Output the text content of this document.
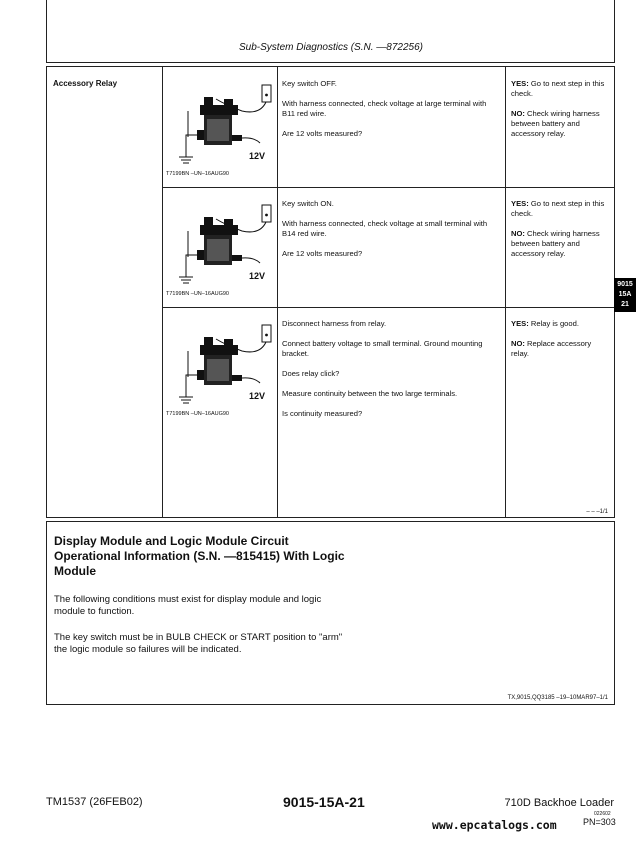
Sub-System Diagnostics (S.N. —872256)
Accessory Relay
12V
T7199BN –UN–16AUG90

Key switch OFF.

With harness connected, check voltage at large terminal with B11 red wire.

Are 12 volts measured?

YES: Go to next step in this check.

NO: Check wiring harness between battery and accessory relay.

12V
T7199BN –UN–16AUG90

Key switch ON.

With harness connected, check voltage at small terminal with B14 red wire.

Are 12 volts measured?

YES: Go to next step in this check.

NO: Check wiring harness between battery and accessory relay.

12V
T7199BN –UN–16AUG90

Disconnect harness from relay.

Connect battery voltage to small terminal. Ground mounting bracket.

Does relay click?

Measure continuity between the two large terminals.

Is continuity measured?

YES: Relay is good.

NO: Replace accessory relay.

– – –1/1
9015
15A
21
Display Module and Logic Module Circuit Operational Information (S.N. —815415) With Logic Module
The following conditions must exist for display module and logic module to function.
The key switch must be in BULB CHECK or START position to "arm" the logic module so failures will be indicated.
TX,9015,QQ3185 –19–10MAR97–1/1
TM1537 (26FEB02)	9015-15A-21	710D Backhoe Loader
022602
www.epcatalogs.com	PN=303
